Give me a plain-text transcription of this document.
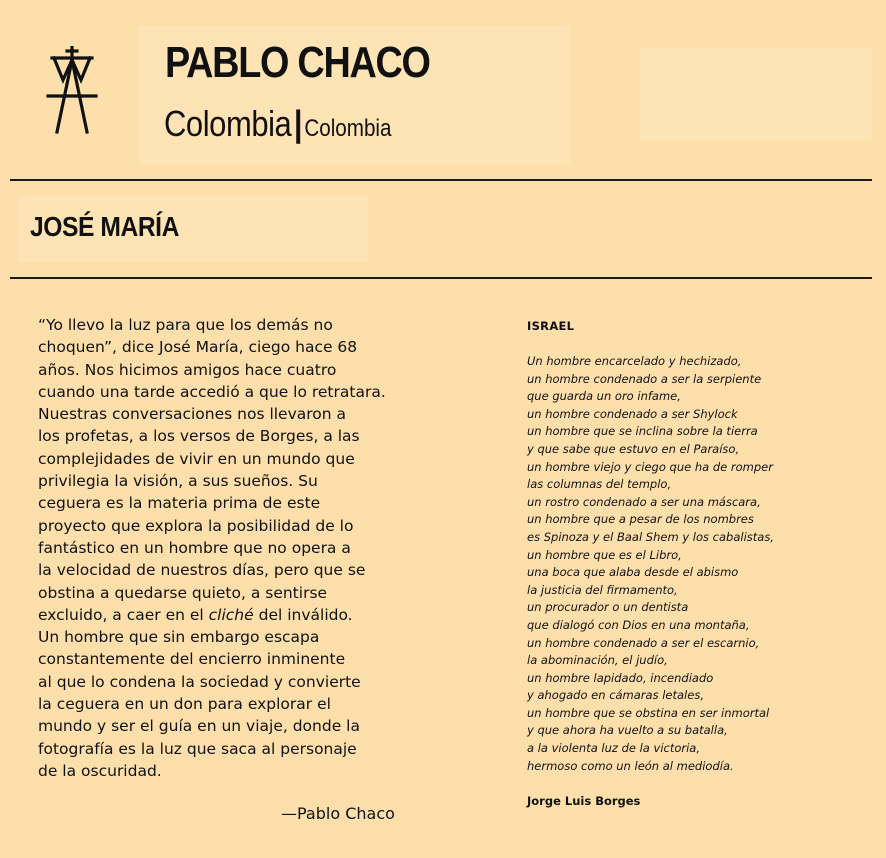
PABLO CHACO
Colombia|Colombia
JOSÉ MARÍA

“Yo llevo la luz para que los demás no

choquen”, dice José María, ciego hace 68

años. Nos hicimos amigos hace cuatro

cuando una tarde accedió a que lo retratara.

Nuestras conversaciones nos llevaron a

los profetas, a los versos de Borges, a las

complejidades de vivir en un mundo que

privilegia la visión, a sus sueños. Su

ceguera es la materia prima de este

proyecto que explora la posibilidad de lo

fantástico en un hombre que no opera a

la velocidad de nuestros días, pero que se

obstina a quedarse quieto, a sentirse

excluido, a caer en el cliché del inválido.

Un hombre que sin embargo escapa

constantemente del encierro inminente

al que lo condena la sociedad y convierte

la ceguera en un don para explorar el

mundo y ser el guía en un viaje, donde la

fotografía es la luz que saca al personaje

de la oscuridad.

—Pablo Chaco
ISRAEL

Un hombre encarcelado y hechizado,

un hombre condenado a ser la serpiente

que guarda un oro infame,

un hombre condenado a ser Shylock

un hombre que se inclina sobre la tierra

y que sabe que estuvo en el Paraíso,

un hombre viejo y ciego que ha de romper

las columnas del templo,

un rostro condenado a ser una máscara,

un hombre que a pesar de los nombres

es Spinoza y el Baal Shem y los cabalistas,

un hombre que es el Libro,

una boca que alaba desde el abismo

la justicia del firmamento,

un procurador o un dentista

que dialogó con Dios en una montaña,

un hombre condenado a ser el escarnio,

la abominación, el judío,

un hombre lapidado, incendiado

y ahogado en cámaras letales,

un hombre que se obstina en ser inmortal

y que ahora ha vuelto a su batalla,

a la violenta luz de la victoria,

hermoso como un león al mediodía.

Jorge Luis Borges
